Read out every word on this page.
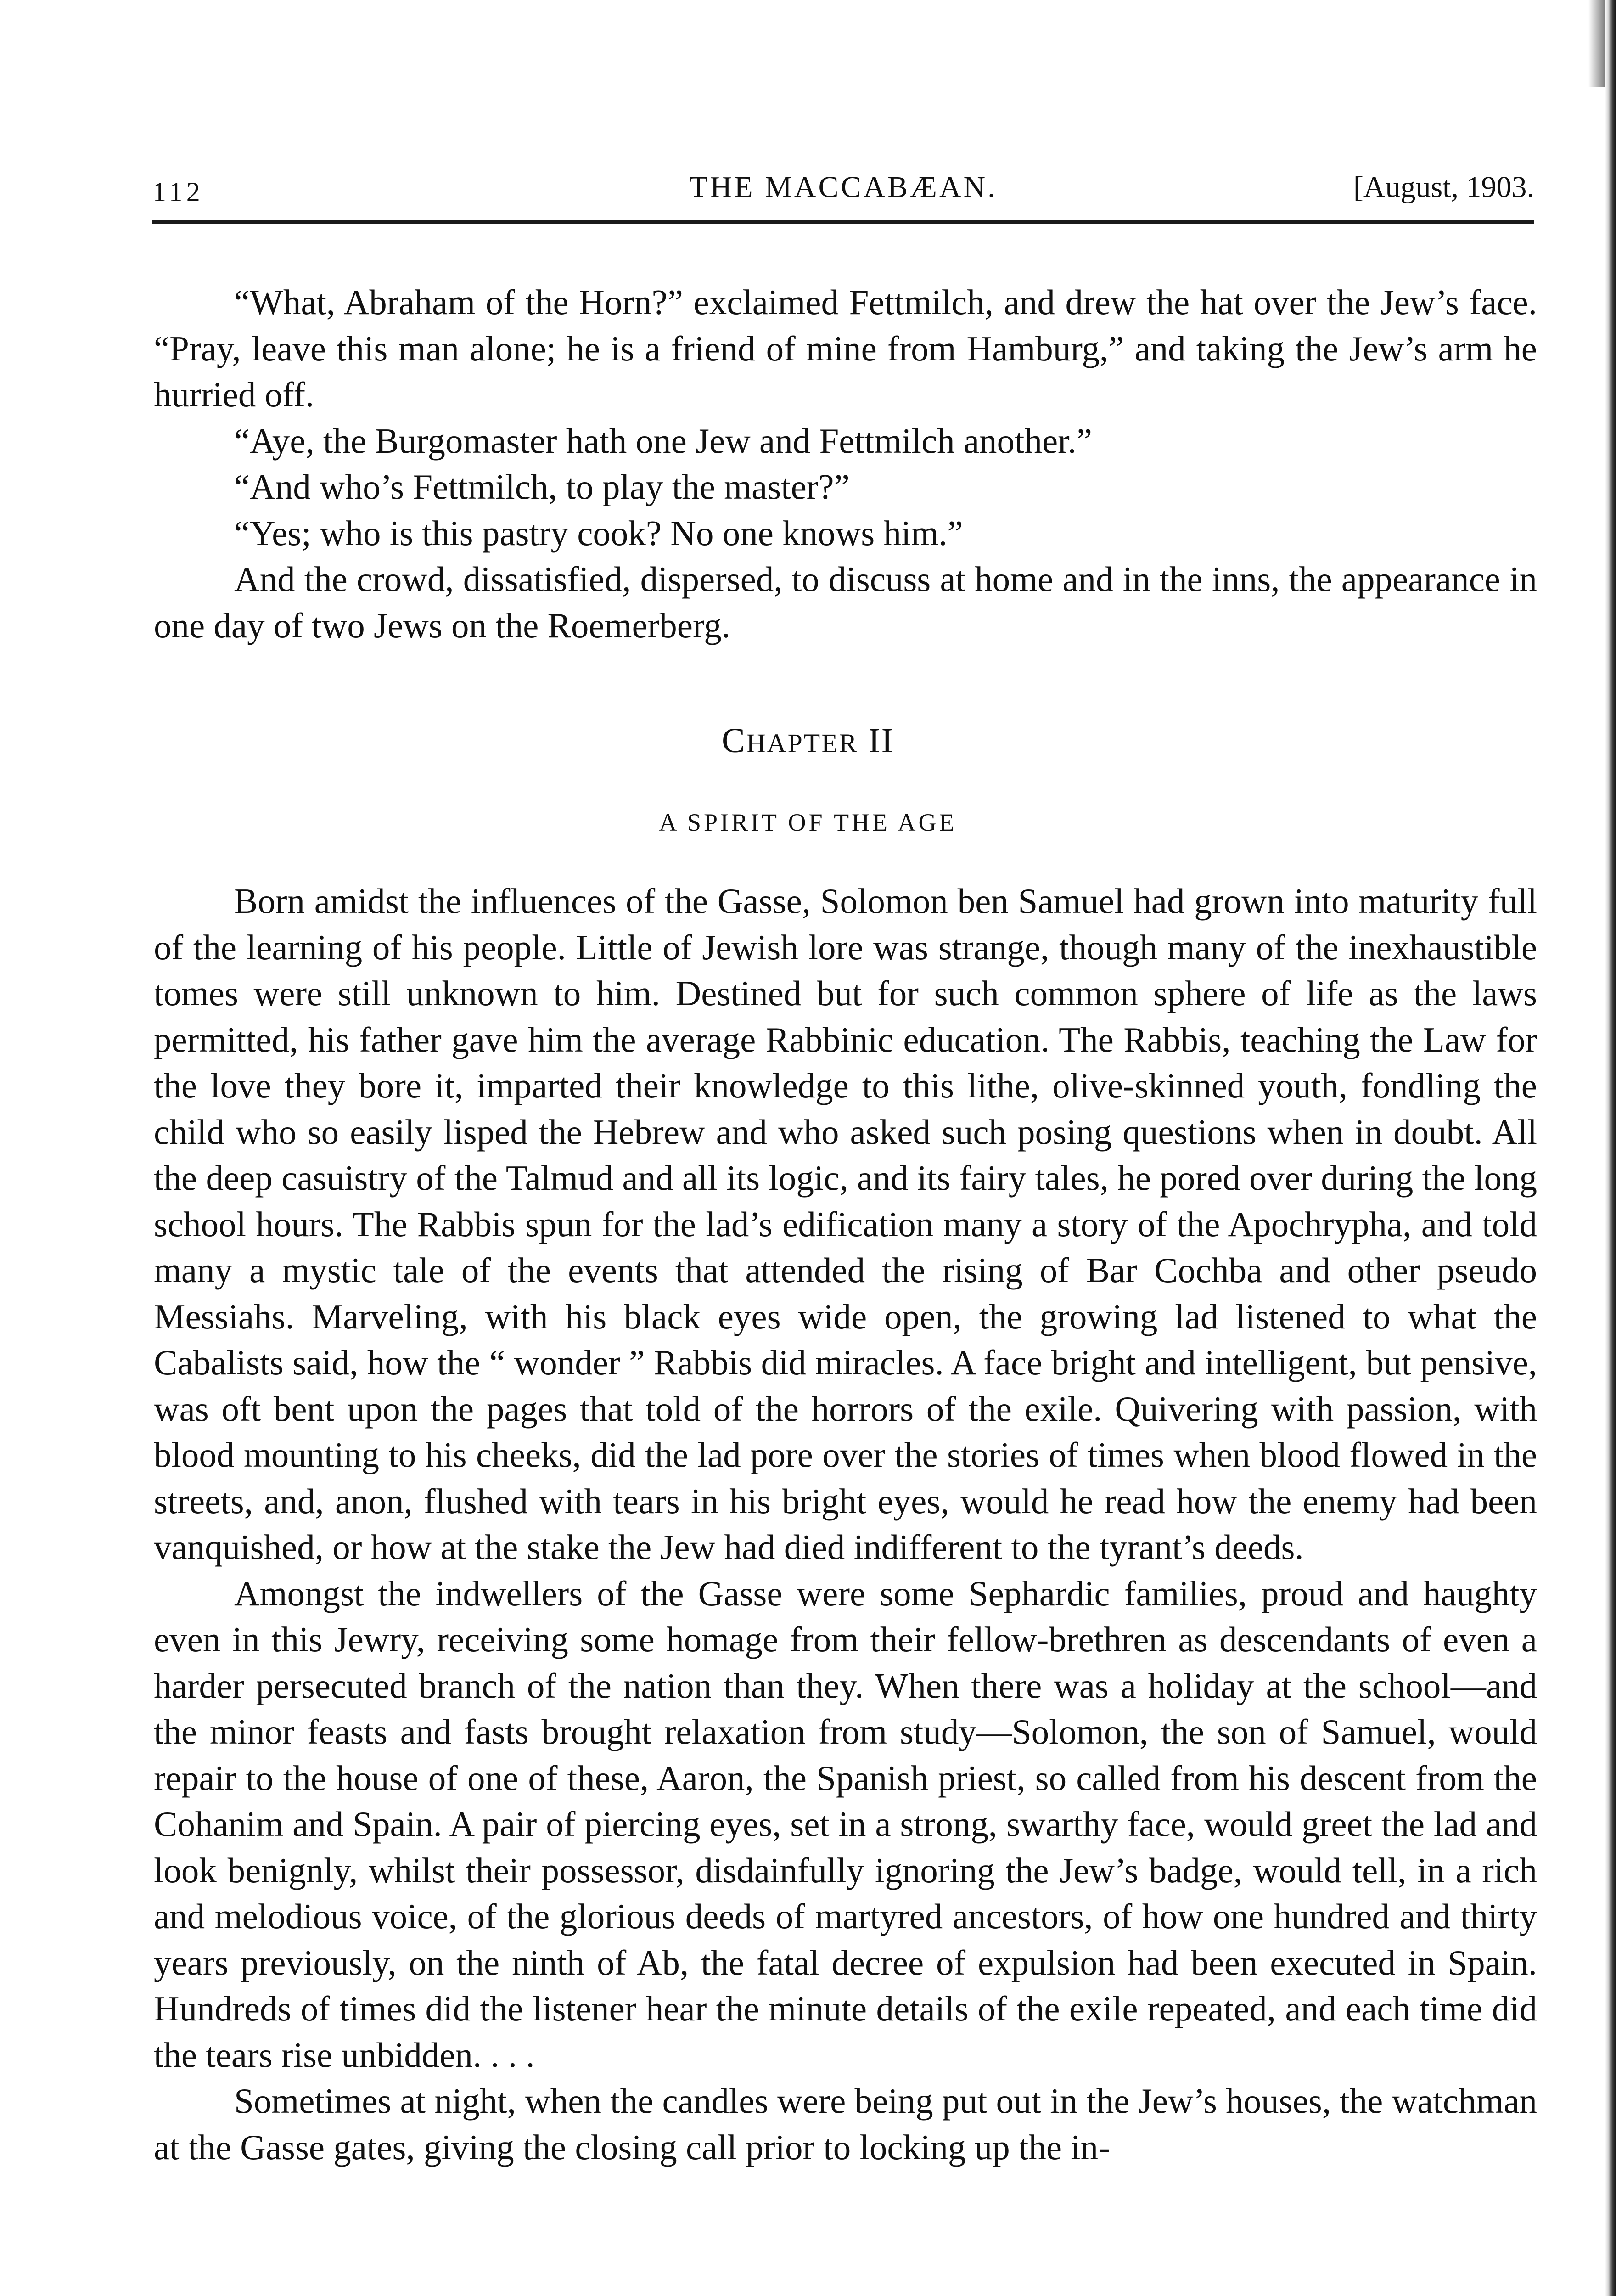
112	THE MACCABÆAN.	[August, 1903.

“What, Abraham of the Horn?” exclaimed Fettmilch, and drew the hat over the Jew’s face. “Pray, leave this man alone; he is a friend of mine from Hamburg,” and taking the Jew’s arm he hurried off.

“Aye, the Burgomaster hath one Jew and Fettmilch another.”

“And who’s Fettmilch, to play the master?”

“Yes; who is this pastry cook? No one knows him.”

And the crowd, dissatisfied, dispersed, to discuss at home and in the inns, the appearance in one day of two Jews on the Roemerberg.

CHAPTER II
A SPIRIT OF THE AGE

Born amidst the influences of the Gasse, Solomon ben Samuel had grown into maturity full of the learning of his people. Little of Jewish lore was strange, though many of the inexhaustible tomes were still unknown to him. Destined but for such common sphere of life as the laws permitted, his father gave him the average Rabbinic education. The Rabbis, teaching the Law for the love they bore it, imparted their knowledge to this lithe, olive-skinned youth, fondling the child who so easily lisped the Hebrew and who asked such posing questions when in doubt. All the deep casuistry of the Talmud and all its logic, and its fairy tales, he pored over during the long school hours. The Rabbis spun for the lad’s edification many a story of the Apochrypha, and told many a mystic tale of the events that attended the rising of Bar Cochba and other pseudo Messiahs. Marveling, with his black eyes wide open, the growing lad listened to what the Cabalists said, how the “ wonder ” Rabbis did miracles. A face bright and intelligent, but pensive, was oft bent upon the pages that told of the horrors of the exile. Quivering with passion, with blood mounting to his cheeks, did the lad pore over the stories of times when blood flowed in the streets, and, anon, flushed with tears in his bright eyes, would he read how the enemy had been vanquished, or how at the stake the Jew had died indifferent to the tyrant’s deeds.

Amongst the indwellers of the Gasse were some Sephardic families, proud and haughty even in this Jewry, receiving some homage from their fellow-brethren as descendants of even a harder persecuted branch of the nation than they. When there was a holiday at the school—and the minor feasts and fasts brought relaxation from study—Solomon, the son of Samuel, would repair to the house of one of these, Aaron, the Spanish priest, so called from his descent from the Cohanim and Spain. A pair of piercing eyes, set in a strong, swarthy face, would greet the lad and look benignly, whilst their possessor, disdainfully ignoring the Jew’s badge, would tell, in a rich and melodious voice, of the glorious deeds of martyred ancestors, of how one hundred and thirty years previously, on the ninth of Ab, the fatal decree of expulsion had been executed in Spain. Hundreds of times did the listener hear the minute details of the exile repeated, and each time did the tears rise unbidden. . . .

Sometimes at night, when the candles were being put out in the Jew’s houses, the watchman at the Gasse gates, giving the closing call prior to locking up the in-
